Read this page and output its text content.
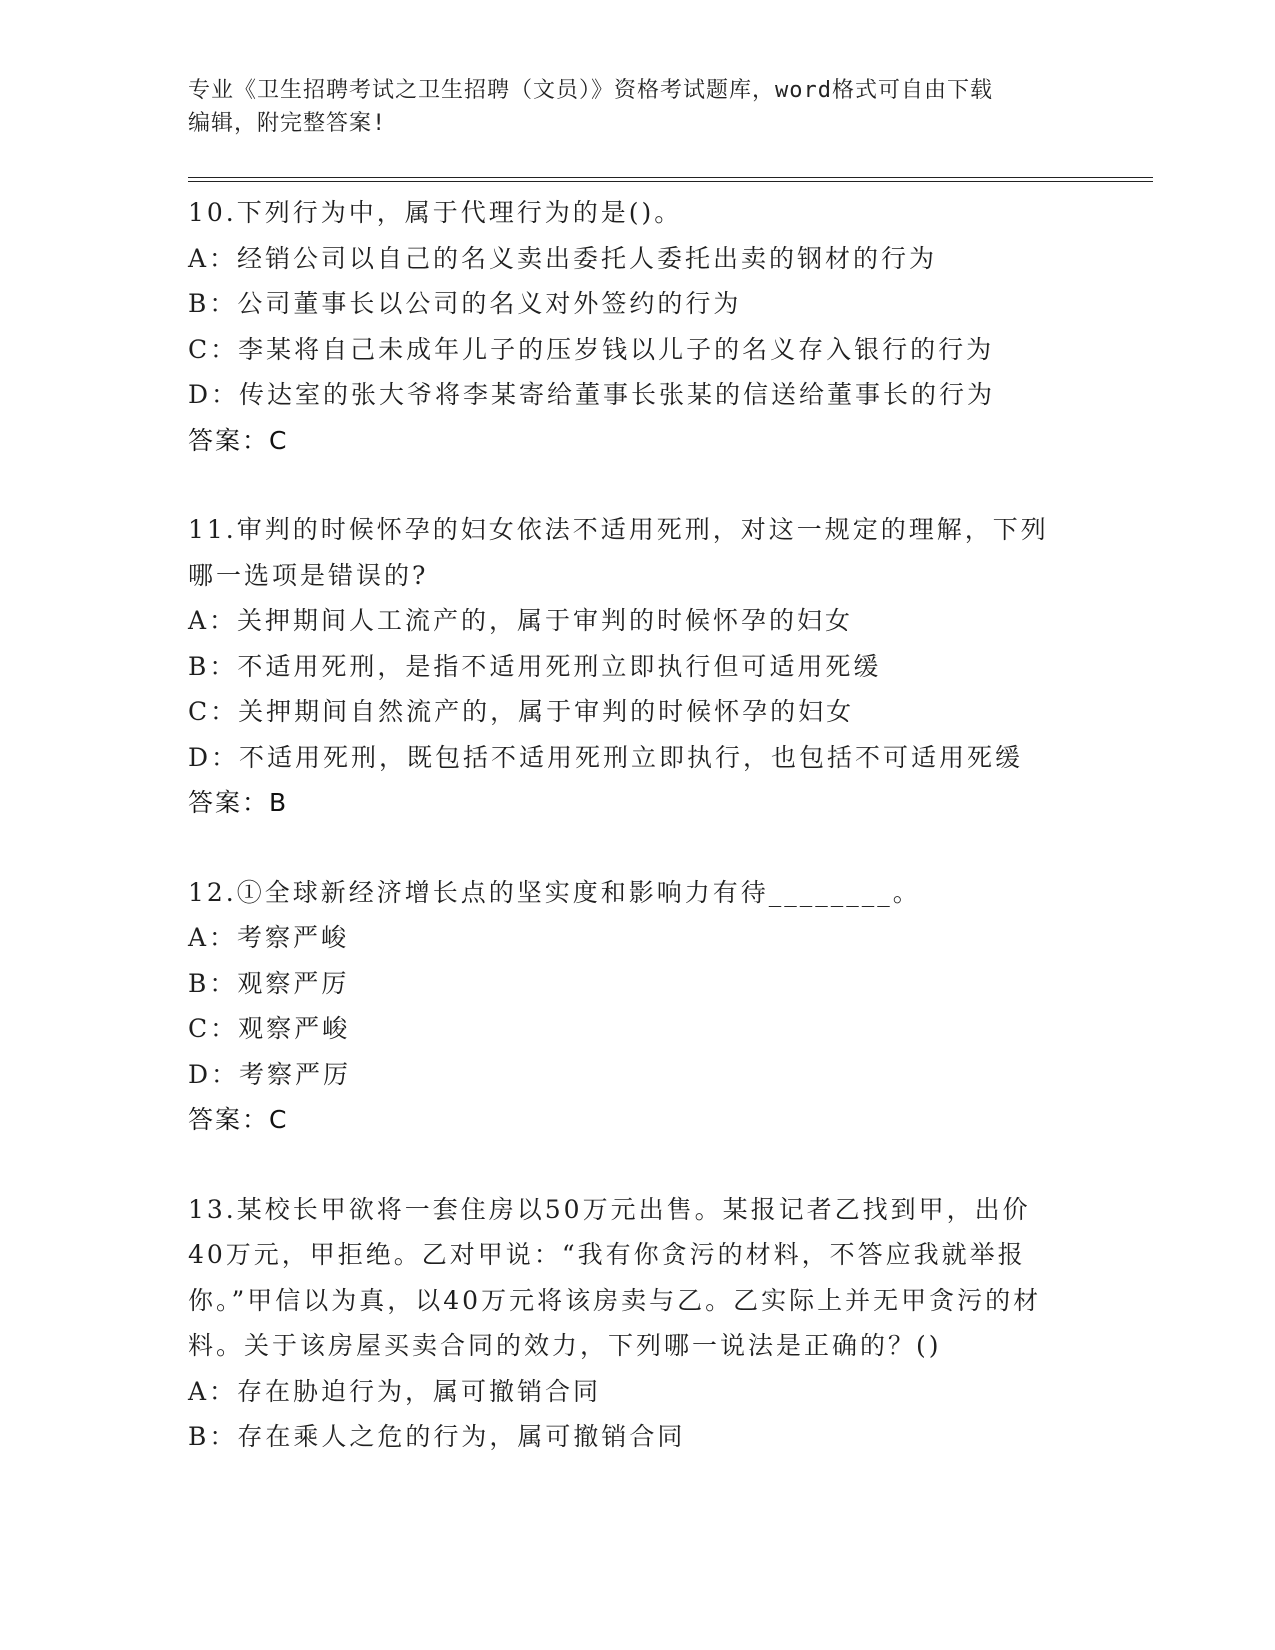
专业《卫生招聘考试之卫生招聘（文员）》资格考试题库，word格式可自由下载
编辑，附完整答案!
10.下列行为中，属于代理行为的是()。
A：经销公司以自己的名义卖出委托人委托出卖的钢材的行为
B：公司董事长以公司的名义对外签约的行为
C：李某将自己未成年儿子的压岁钱以儿子的名义存入银行的行为
D：传达室的张大爷将李某寄给董事长张某的信送给董事长的行为
答案：C
11.审判的时候怀孕的妇女依法不适用死刑，对这一规定的理解，下列哪一选项是错误的?
A：关押期间人工流产的，属于审判的时候怀孕的妇女
B：不适用死刑，是指不适用死刑立即执行但可适用死缓
C：关押期间自然流产的，属于审判的时候怀孕的妇女
D：不适用死刑，既包括不适用死刑立即执行，也包括不可适用死缓
答案：B
12.①全球新经济增长点的坚实度和影响力有待________。
A：考察严峻
B：观察严厉
C：观察严峻
D：考察严厉
答案：C
13.某校长甲欲将一套住房以50万元出售。某报记者乙找到甲，出价40万元，甲拒绝。乙对甲说：“我有你贪污的材料，不答应我就举报你。”甲信以为真，以40万元将该房卖与乙。乙实际上并无甲贪污的材料。关于该房屋买卖合同的效力，下列哪一说法是正确的？()
A：存在胁迫行为，属可撤销合同
B：存在乘人之危的行为，属可撤销合同
